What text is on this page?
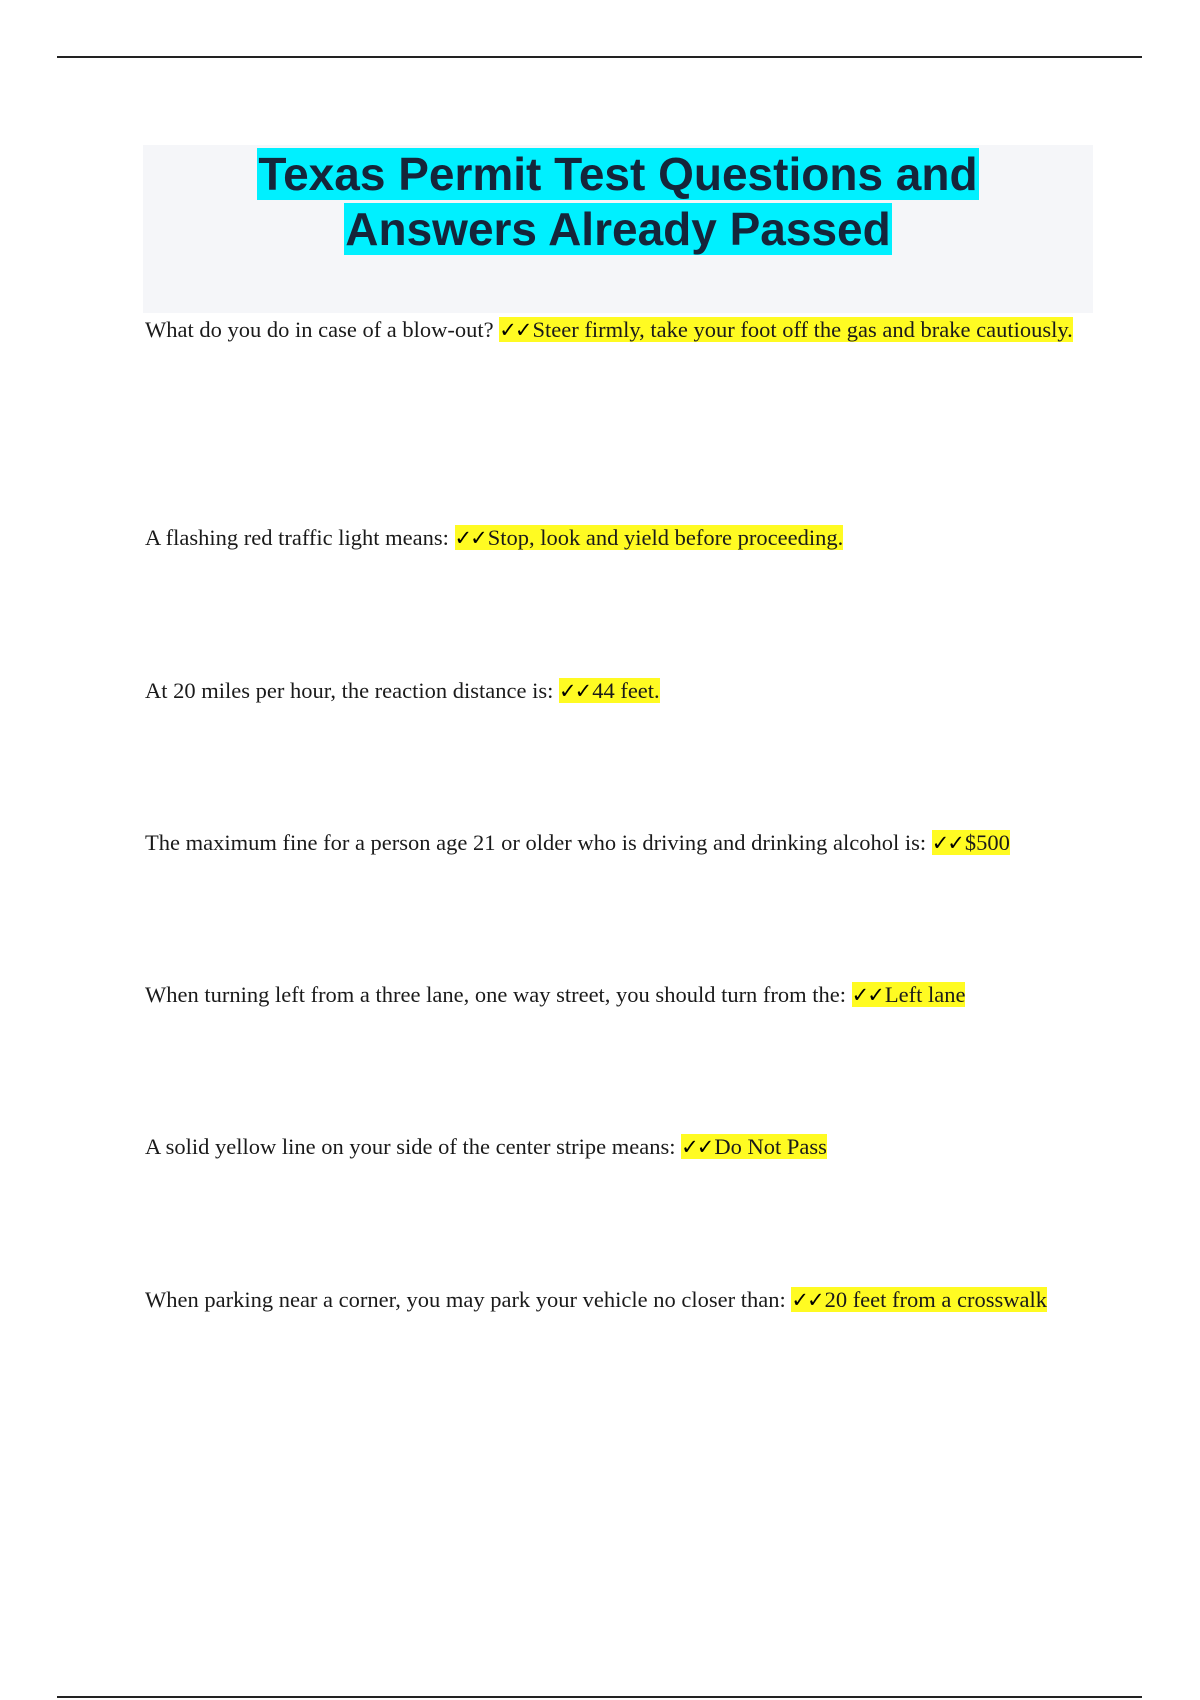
Texas Permit Test Questions and Answers Already Passed
What do you do in case of a blow-out? ✓✓Steer firmly, take your foot off the gas and brake cautiously.
A flashing red traffic light means: ✓✓Stop, look and yield before proceeding.
At 20 miles per hour, the reaction distance is: ✓✓44 feet.
The maximum fine for a person age 21 or older who is driving and drinking alcohol is: ✓✓$500
When turning left from a three lane, one way street, you should turn from the: ✓✓Left lane
A solid yellow line on your side of the center stripe means: ✓✓Do Not Pass
When parking near a corner, you may park your vehicle no closer than: ✓✓20 feet from a crosswalk
